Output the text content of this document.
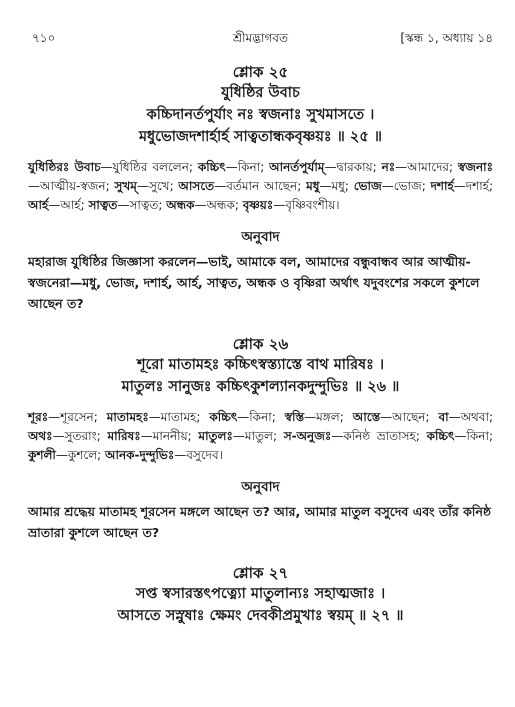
৭১০	শ্রীমদ্ভাগবত	[স্কন্ধ ১, অধ্যায় ১৪
শ্লোক ২৫
যুধিষ্ঠির উবাচ
কচ্চিদানর্তপুর্যাং নঃ স্বজনাঃ সুখমাসতে ।
মধুভোজদশার্হার্হ সাত্বতান্ধকবৃষ্ণয়ঃ ॥ ২৫ ॥
যুধিষ্ঠিরঃ উবাচ—যুধিষ্ঠির বললেন; কচ্চিৎ—কিনা; আনর্তপুর্যাম্—দ্বারকায়; নঃ—আমাদের; স্বজনাঃ—আত্মীয়-স্বজন; সুখম্—সুখে; আসতে—বর্তমান আছেন; মধু—মধু; ভোজ—ভোজ; দশার্হ—দশার্হ; আর্হ—আর্হ; সাত্বত—সাত্বত; অন্ধক—অন্ধক; বৃষ্ণয়ঃ—বৃষ্ণিবংশীয়।
অনুবাদ
মহারাজ যুধিষ্ঠির জিজ্ঞাসা করলেন—ভাই, আমাকে বল, আমাদের বন্ধুবান্ধব আর আত্মীয়-স্বজনেরা—মধু, ভোজ, দশার্হ, আর্হ, সাত্বত, অন্ধক ও বৃষ্ণিরা অর্থাৎ যদুবংশের সকলে কুশলে আছেন ত?
শ্লোক ২৬
শূরো মাতামহঃ কচ্চিৎস্বস্ত্যাস্তে বাথ মারিষঃ ।
মাতুলঃ সানুজঃ কচ্চিৎকুশল্যানকদুন্দুভিঃ ॥ ২৬ ॥
শূরঃ—শূরসেন; মাতামহঃ—মাতামহ; কচ্চিৎ—কিনা; স্বস্তি—মঙ্গল; আস্তে—আছেন; বা—অথবা; অথঃ—সুতরাং; মারিষঃ—মাননীয়; মাতুলঃ—মাতুল; স-অনুজঃ—কনিষ্ঠ ভ্রাতাসহ; কচ্চিৎ—কিনা; কুশলী—কুশলে; আনক-দুন্দুভিঃ—বসুদেব।
অনুবাদ
আমার শ্রদ্ধেয় মাতামহ শূরসেন মঙ্গলে আছেন ত? আর, আমার মাতুল বসুদেব এবং তাঁর কনিষ্ঠ ভ্রাতারা কুশলে আছেন ত?
শ্লোক ২৭
সপ্ত স্বসারস্তৎপত্ন্যো মাতুলান্যঃ সহাত্মজাঃ ।
আসতে সস্নুষাঃ ক্ষেমং দেবকীপ্রমুখাঃ স্বয়ম্ ॥ ২৭ ॥
